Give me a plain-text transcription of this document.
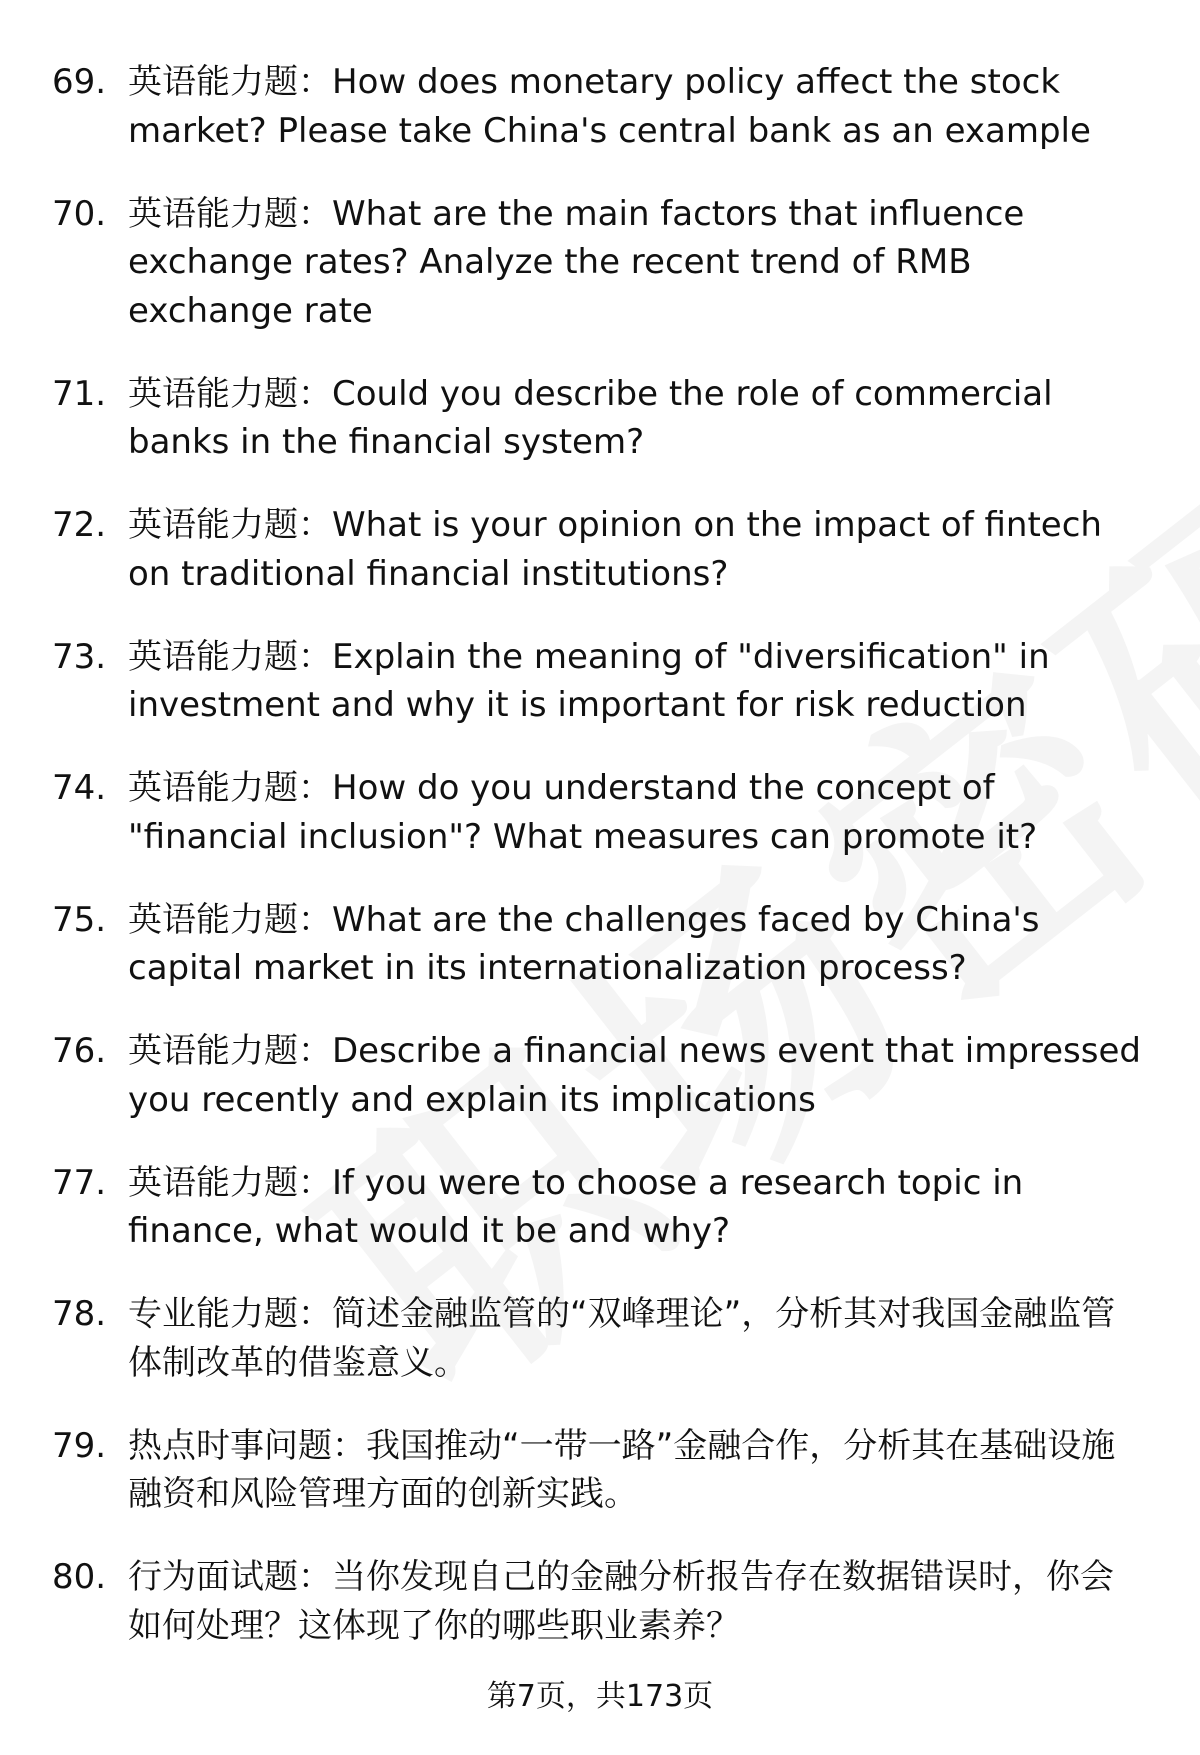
69. 英语能力题：How does monetary policy affect the stock market? Please take China's central bank as an example
70. 英语能力题：What are the main factors that influence exchange rates? Analyze the recent trend of RMB exchange rate
71. 英语能力题：Could you describe the role of commercial banks in the financial system?
72. 英语能力题：What is your opinion on the impact of fintech on traditional financial institutions?
73. 英语能力题：Explain the meaning of "diversification" in investment and why it is important for risk reduction
74. 英语能力题：How do you understand the concept of "financial inclusion"? What measures can promote it?
75. 英语能力题：What are the challenges faced by China's capital market in its internationalization process?
76. 英语能力题：Describe a financial news event that impressed you recently and explain its implications
77. 英语能力题：If you were to choose a research topic in finance, what would it be and why?
78. 专业能力题：简述金融监管的“双峰理论”，分析其对我国金融监管体制改革的借鉴意义。
79. 热点时事问题：我国推动“一带一路”金融合作，分析其在基础设施融资和风险管理方面的创新实践。
80. 行为面试题：当你发现自己的金融分析报告存在数据错误时，你会如何处理？这体现了你的哪些职业素养？
第7页，共173页
